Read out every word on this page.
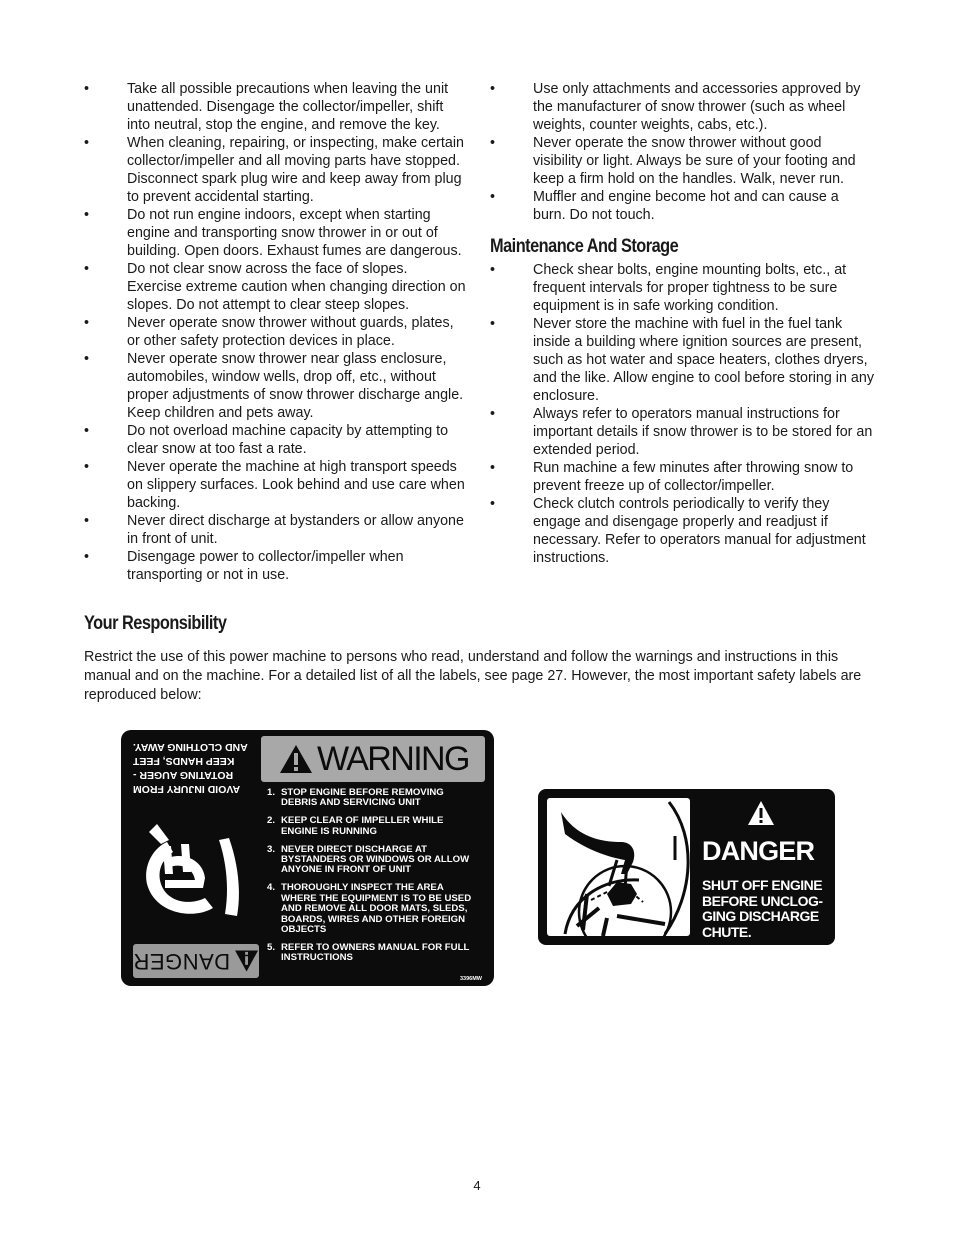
• Take all possible precautions when leaving the unit unattended. Disengage the collector/impeller, shift into neutral, stop the engine, and remove the key.
• When cleaning, repairing, or inspecting, make certain collector/impeller and all moving parts have stopped. Disconnect spark plug wire and keep away from plug to prevent accidental starting.
• Do not run engine indoors, except when starting engine and transporting snow thrower in or out of building. Open doors. Exhaust fumes are dangerous.
• Do not clear snow across the face of slopes. Exercise extreme caution when changing direction on slopes. Do not attempt to clear steep slopes.
• Never operate snow thrower without guards, plates, or other safety protection devices in place.
• Never operate snow thrower near glass enclosure, automobiles, window wells, drop off, etc., without proper adjustments of snow thrower discharge angle. Keep children and pets away.
• Do not overload machine capacity by attempting to clear snow at too fast a rate.
• Never operate the machine at high transport speeds on slippery surfaces. Look behind and use care when backing.
• Never direct discharge at bystanders or allow anyone in front of unit.
• Disengage power to collector/impeller when transporting or not in use.
• Use only attachments and accessories approved by the manufacturer of snow thrower (such as wheel weights, counter weights, cabs, etc.).
• Never operate the snow thrower without good visibility or light. Always be sure of your footing and keep a firm hold on the handles. Walk, never run.
• Muffler and engine become hot and can cause a burn. Do not touch.
Maintenance And Storage
• Check shear bolts, engine mounting bolts, etc., at frequent intervals for proper tightness to be sure equipment is in safe working condition.
• Never store the machine with fuel in the fuel tank inside a building where ignition sources are present, such as hot water and space heaters, clothes dryers, and the like. Allow engine to cool before storing in any enclosure.
• Always refer to operators manual instructions for important details if snow thrower is to be stored for an extended period.
• Run machine a few minutes after throwing snow to prevent freeze up of collector/impeller.
• Check clutch controls periodically to verify they engage and disengage properly and readjust if necessary. Refer to operators manual for adjustment instructions.
Your Responsibility
Restrict the use of this power machine to persons who read, understand and follow the warnings and instructions in this manual and on the machine. For a detailed list of all the labels, see page 27. However, the most important safety labels are reproduced below:
AVOID INJURY FROM ROTATING AUGER - KEEP HANDS, FEET AND CLOTHING AWAY.
DANGER
WARNING
1. STOP ENGINE BEFORE REMOVING DEBRIS AND SERVICING UNIT
2. KEEP CLEAR OF IMPELLER WHILE ENGINE IS RUNNING
3. NEVER DIRECT DISCHARGE AT BYSTANDERS OR WINDOWS OR ALLOW ANYONE IN FRONT OF UNIT
4. THOROUGHLY INSPECT THE AREA WHERE THE EQUIPMENT IS TO BE USED AND REMOVE ALL DOOR MATS, SLEDS, BOARDS, WIRES AND OTHER FOREIGN OBJECTS
5. REFER TO OWNERS MANUAL FOR FULL INSTRUCTIONS
3396MW
DANGER
SHUT OFF ENGINE BEFORE UNCLOG-GING DISCHARGE CHUTE.
4
